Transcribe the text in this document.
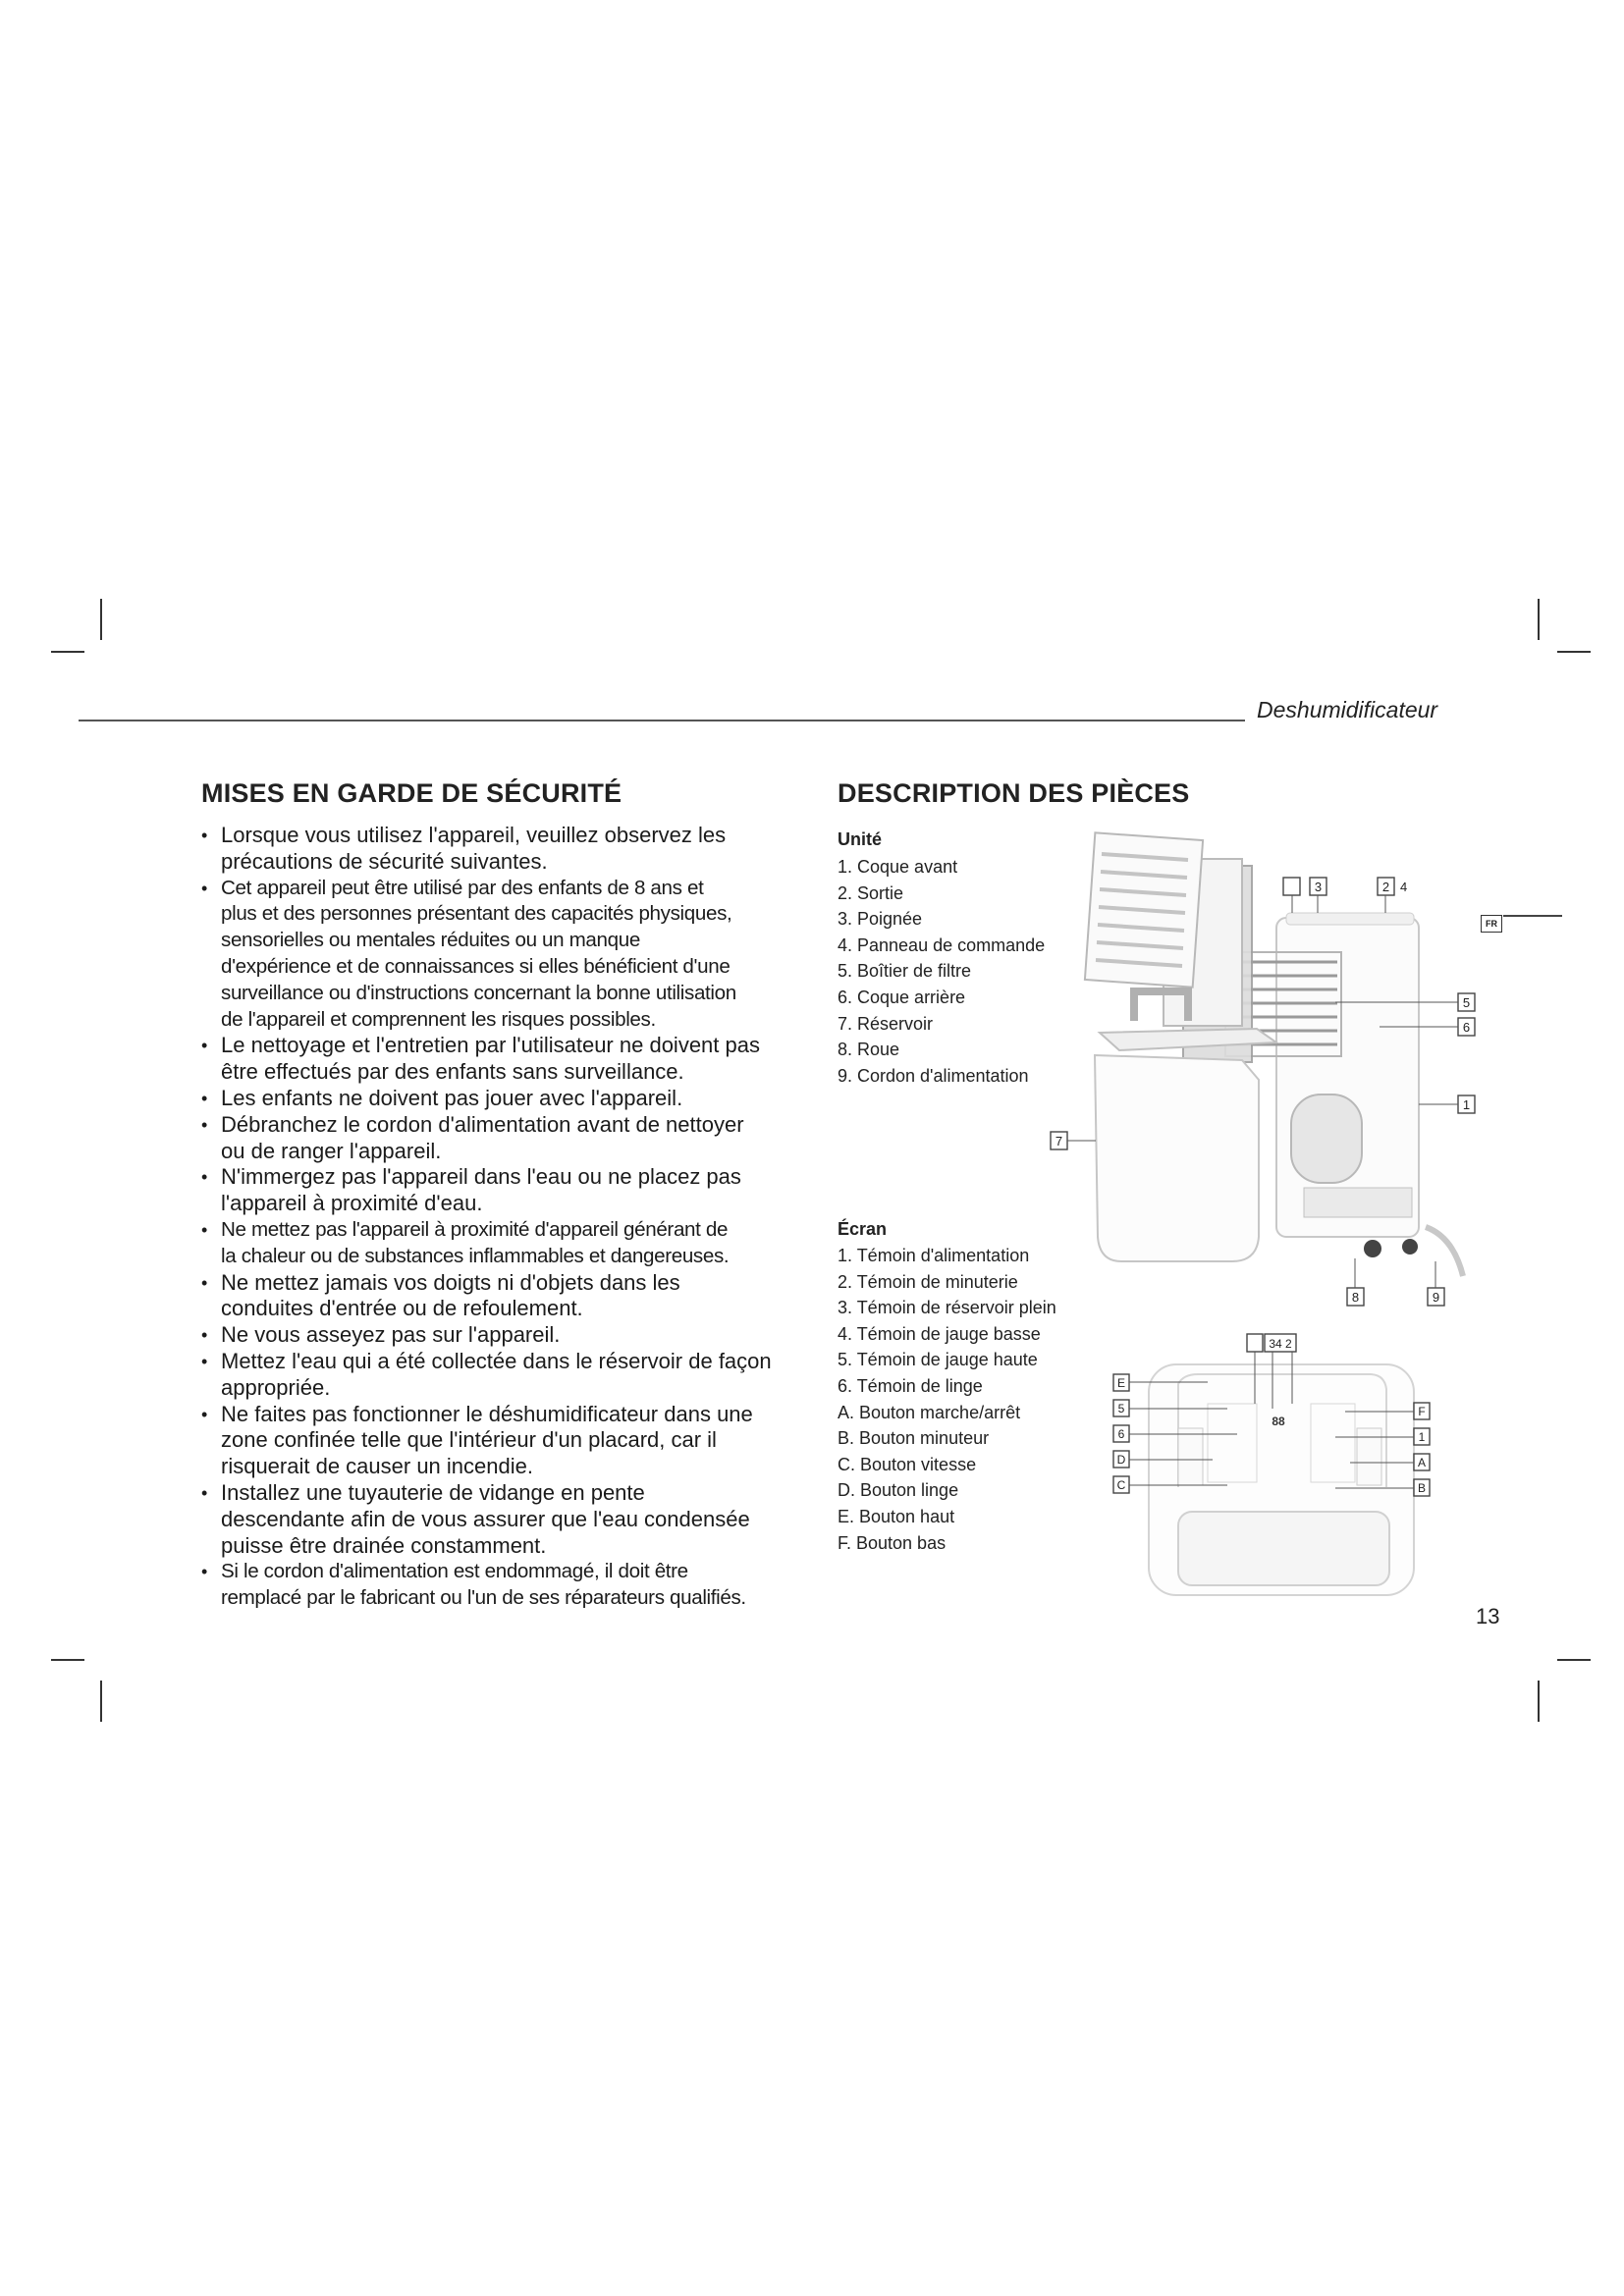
Deshumidificateur
MISES EN GARDE DE SÉCURITÉ
• Lorsque vous utilisez l'appareil, veuillez observez les
précautions de sécurité suivantes.
• Cet appareil peut être utilisé par des enfants de 8 ans et
plus et des personnes présentant des capacités physiques,
sensorielles ou mentales réduites ou un manque
d'expérience et de connaissances si elles bénéficient d'une
surveillance ou d'instructions concernant la bonne utilisation
de l'appareil et comprennent les risques possibles.
• Le nettoyage et l'entretien par l'utilisateur ne doivent pas
être effectués par des enfants sans surveillance.
• Les enfants ne doivent pas jouer avec l'appareil.
• Débranchez le cordon d'alimentation avant de nettoyer
ou de ranger l'appareil.
• N'immergez pas l'appareil dans l'eau ou ne placez pas
l'appareil à proximité d'eau.
• Ne mettez pas l'appareil à proximité d'appareil générant de
la chaleur ou de substances inflammables et dangereuses.
• Ne mettez jamais vos doigts ni d'objets dans les
conduites d'entrée ou de refoulement.
• Ne vous asseyez pas sur l'appareil.
• Mettez l'eau qui a été collectée dans le réservoir de façon
appropriée.
• Ne faites pas fonctionner le déshumidificateur dans une
zone confinée telle que l'intérieur d'un placard, car il
risquerait de causer un incendie.
• Installez une tuyauterie de vidange en pente
descendante afin de vous assurer que l'eau condensée
puisse être drainée constamment.
• Si le cordon d'alimentation est endommagé, il doit être
remplacé par le fabricant ou l'un de ses réparateurs qualifiés.
DESCRIPTION DES PIÈCES
Unité
1. Coque avant
2. Sortie
3. Poignée
4. Panneau de commande
5. Boîtier de filtre
6. Coque arrière
7. Réservoir
8. Roue
9. Cordon d'alimentation
Écran
1. Témoin d'alimentation
2. Témoin de minuterie
3. Témoin de réservoir plein
4. Témoin de jauge basse
5. Témoin de jauge haute
6. Témoin de linge
A. Bouton marche/arrêt
B. Bouton minuteur
C. Bouton vitesse
D. Bouton linge
E. Bouton haut
F. Bouton bas
3	2 4
5
6
1
7
8	9
88
34 2
E
5
6
D
C
F
1
A
B
FR
13
